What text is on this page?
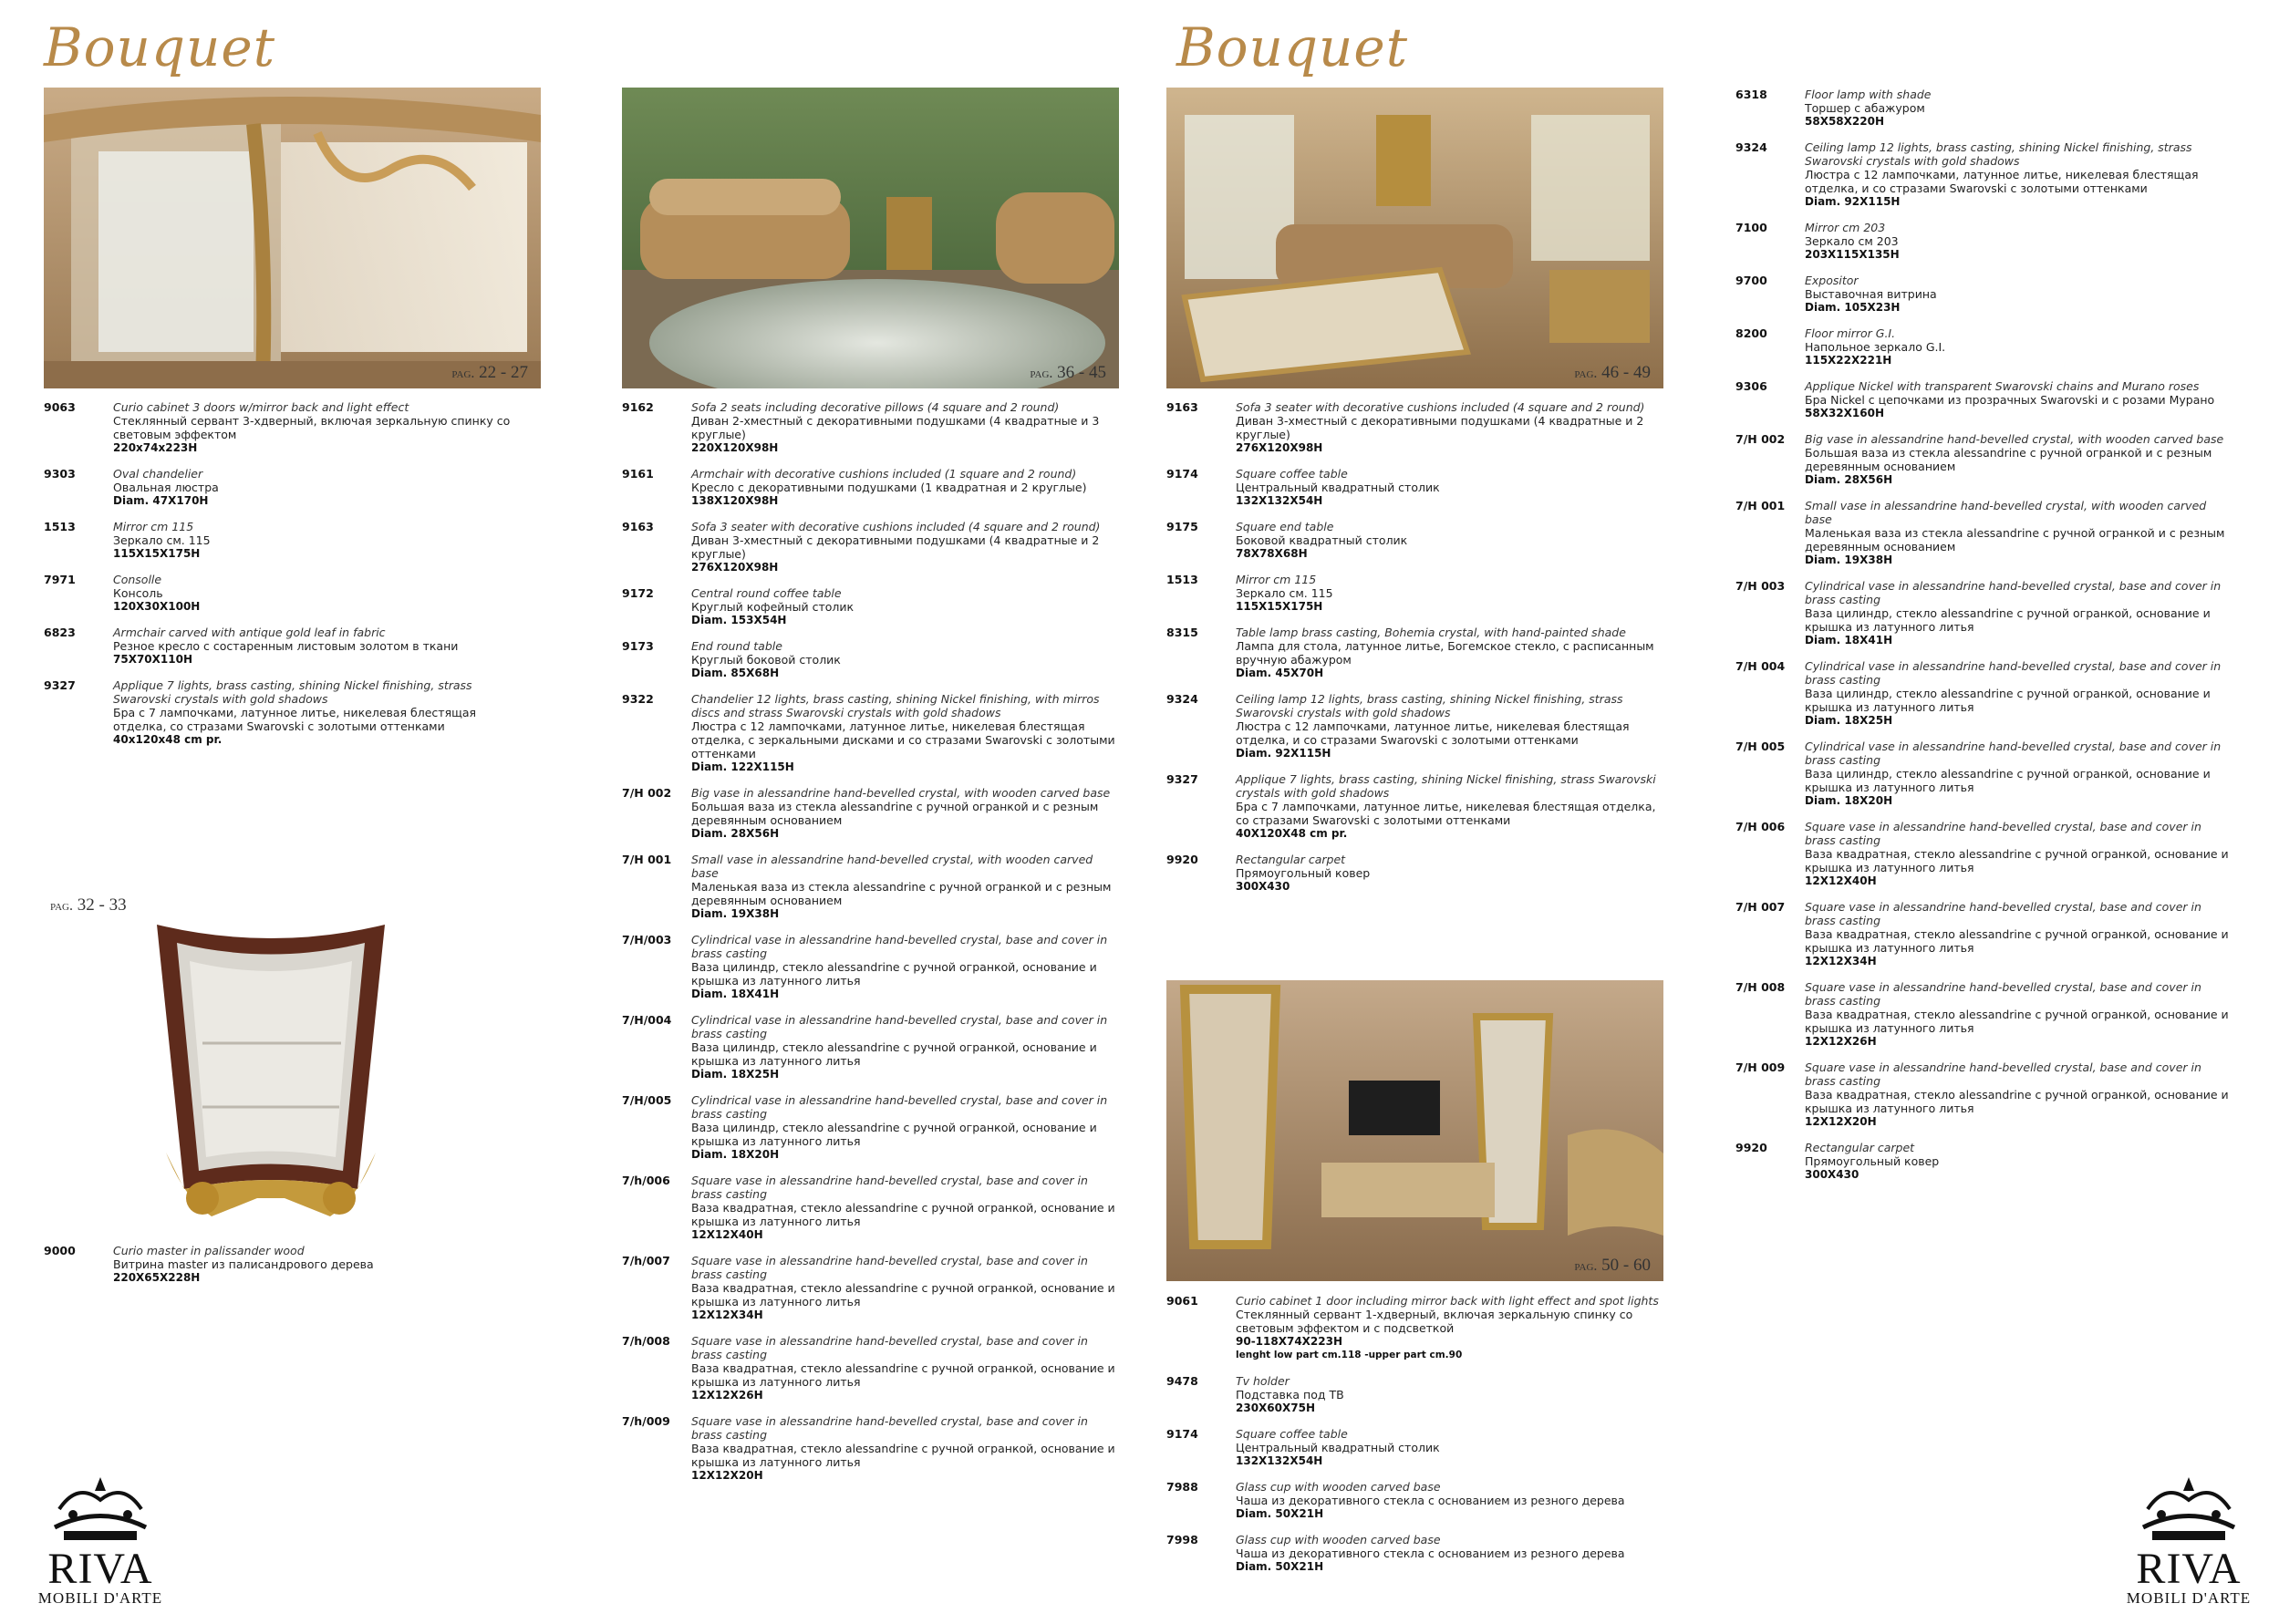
Bouquet	Bouquet
pag. 22 - 27	pag. 36 - 45	pag. 46 - 49
pag. 32 - 33
pag. 50 - 60
9063	Curio cabinet 3 doors w/mirror back and light effect
Стеклянный сервант 3-хдверный, включая зеркальную спинку со световым эффектом
220x74x223H
9303	Oval chandelier
Овальная люстра
Diam. 47X170H
1513	Mirror cm 115
Зеркало см. 115
115X15X175H
7971	Consolle
Консоль
120X30X100H
6823	Armchair carved with antique gold leaf in fabric
Резное кресло с состаренным листовым золотом в ткани
75X70X110H
9327	Applique 7 lights, brass casting, shining Nickel finishing, strass Swarovski crystals with gold shadows
Бра с 7 лампочками, латунное литье, никелевая блестящая отделка, со стразами Swarovski с золотыми оттенками
40x120x48 cm pr.
9000	Curio master in palissander wood
Витрина master из палисандрового дерева
220X65X228H
9162	Sofa 2 seats including decorative pillows (4 square and 2 round)
Диван 2-хместный с декоративными подушками (4 квадратные и 3 круглые)
220X120X98H
9161	Armchair with decorative cushions included (1 square and 2 round)
Кресло с декоративными подушками (1 квадратная и 2 круглые)
138X120X98H
9163	Sofa 3 seater with decorative cushions included (4 square and 2 round)
Диван 3-хместный с декоративными подушками (4 квадратные и 2 круглые)
276X120X98H
9172	Central round coffee table
Круглый кофейный столик
Diam. 153X54H
9173	End round table
Круглый боковой столик
Diam. 85X68H
9322	Chandelier 12 lights, brass casting, shining Nickel finishing, with mirros discs and strass Swarovski crystals with gold shadows
Люстра с 12 лампочками, латунное литье, никелевая блестящая отделка, с зеркальными дисками и со стразами Swarovski с золотыми оттенками
Diam. 122X115H
7/H 002	Big vase in alessandrine hand-bevelled crystal, with wooden carved base
Большая ваза из стекла alessandrine с ручной огранкой и с резным деревянным основанием
Diam. 28X56H
7/H 001	Small vase in alessandrine hand-bevelled crystal, with wooden carved base
Маленькая ваза из стекла alessandrine с ручной огранкой и с резным деревянным основанием
Diam. 19X38H
7/H/003	Cylindrical vase in alessandrine hand-bevelled crystal, base and cover in brass casting
Ваза цилиндр, стекло alessandrine с ручной огранкой, основание и крышка из латунного литья
Diam. 18X41H
7/H/004	Cylindrical vase in alessandrine hand-bevelled crystal, base and cover in brass casting
Ваза цилиндр, стекло alessandrine с ручной огранкой, основание и крышка из латунного литья
Diam. 18X25H
7/H/005	Cylindrical vase in alessandrine hand-bevelled crystal, base and cover in brass casting
Ваза цилиндр, стекло alessandrine с ручной огранкой, основание и крышка из латунного литья
Diam. 18X20H
7/h/006	Square vase in alessandrine hand-bevelled crystal, base and cover in brass casting
Ваза квадратная, стекло alessandrine с ручной огранкой, основание и крышка из латунного литья
12X12X40H
7/h/007	Square vase in alessandrine hand-bevelled crystal, base and cover in brass casting
Ваза квадратная, стекло alessandrine с ручной огранкой, основание и крышка из латунного литья
12X12X34H
7/h/008	Square vase in alessandrine hand-bevelled crystal, base and cover in brass casting
Ваза квадратная, стекло alessandrine с ручной огранкой, основание и крышка из латунного литья
12X12X26H
7/h/009	Square vase in alessandrine hand-bevelled crystal, base and cover in brass casting
Ваза квадратная, стекло alessandrine с ручной огранкой, основание и крышка из латунного литья
12X12X20H
9163	Sofa 3 seater with decorative cushions included (4 square and 2 round)
Диван 3-хместный с декоративными подушками (4 квадратные и 2 круглые)
276X120X98H
9174	Square coffee table
Центральный квадратный столик
132X132X54H
9175	Square end table
Боковой квадратный столик
78X78X68H
1513	Mirror cm 115
Зеркало см. 115
115X15X175H
8315	Table lamp brass casting, Bohemia crystal, with hand-painted shade
Лампа для стола, латунное литье, Богемское стекло, с расписанным вручную абажуром
Diam. 45X70H
9324	Ceiling lamp 12 lights, brass casting, shining Nickel finishing, strass Swarovski crystals with gold shadows
Люстра с 12 лампочками, латунное литье, никелевая блестящая отделка, и со стразами Swarovski с золотыми оттенками
Diam. 92X115H
9327	Applique 7 lights, brass casting, shining Nickel finishing, strass Swarovski crystals with gold shadows
Бра с 7 лампочками, латунное литье, никелевая блестящая отделка, со стразами Swarovski с золотыми оттенками
40X120X48 cm pr.
9920	Rectangular carpet
Прямоугольный ковер
300X430
9061	Curio cabinet 1 door including mirror back with light effect and spot lights
Стеклянный сервант 1-хдверный, включая зеркальную спинку со световым эффектом и с подсветкой
90-118X74X223H
lenght low part cm.118 -upper part cm.90
9478	Tv holder
Подставка под ТВ
230X60X75H
9174	Square coffee table
Центральный квадратный столик
132X132X54H
7988	Glass cup with wooden carved base
Чаша из декоративного стекла с основанием из резного дерева
Diam. 50X21H
7998	Glass cup with wooden carved base
Чаша из декоративного стекла с основанием из резного дерева
Diam. 50X21H
6318	Floor lamp with shade
Торшер с абажуром
58X58X220H
9324	Ceiling lamp 12 lights, brass casting, shining Nickel finishing, strass Swarovski crystals with gold shadows
Люстра с 12 лампочками, латунное литье, никелевая блестящая отделка, и со стразами Swarovski с золотыми оттенками
Diam. 92X115H
7100	Mirror cm 203
Зеркало см 203
203X115X135H
9700	Expositor
Выставочная витрина
Diam. 105X23H
8200	Floor mirror G.I.
Напольное зеркало G.I.
115X22X221H
9306	Applique Nickel with transparent Swarovski chains and Murano roses
Бра Nickel с цепочками из прозрачных Swarovski и с розами Мурано
58X32X160H
7/H 002	Big vase in alessandrine hand-bevelled crystal, with wooden carved base
Большая ваза из стекла alessandrine с ручной огранкой и с резным деревянным основанием
Diam. 28X56H
7/H 001	Small vase in alessandrine hand-bevelled crystal, with wooden carved base
Маленькая ваза из стекла alessandrine с ручной огранкой и с резным деревянным основанием
Diam. 19X38H
7/H 003	Cylindrical vase in alessandrine hand-bevelled crystal, base and cover in brass casting
Ваза цилиндр, стекло alessandrine с ручной огранкой, основание и крышка из латунного литья
Diam. 18X41H
7/H 004	Cylindrical vase in alessandrine hand-bevelled crystal, base and cover in brass casting
Ваза цилиндр, стекло alessandrine с ручной огранкой, основание и крышка из латунного литья
Diam. 18X25H
7/H 005	Cylindrical vase in alessandrine hand-bevelled crystal, base and cover in brass casting
Ваза цилиндр, стекло alessandrine с ручной огранкой, основание и крышка из латунного литья
Diam. 18X20H
7/H 006	Square vase in alessandrine hand-bevelled crystal, base and cover in brass casting
Ваза квадратная, стекло alessandrine с ручной огранкой, основание и крышка из латунного литья
12X12X40H
7/H 007	Square vase in alessandrine hand-bevelled crystal, base and cover in brass casting
Ваза квадратная, стекло alessandrine с ручной огранкой, основание и крышка из латунного литья
12X12X34H
7/H 008	Square vase in alessandrine hand-bevelled crystal, base and cover in brass casting
Ваза квадратная, стекло alessandrine с ручной огранкой, основание и крышка из латунного литья
12X12X26H
7/H 009	Square vase in alessandrine hand-bevelled crystal, base and cover in brass casting
Ваза квадратная, стекло alessandrine с ручной огранкой, основание и крышка из латунного литья
12X12X20H
9920	Rectangular carpet
Прямоугольный ковер
300X430
RIVA
MOBILI D'ARTE
RIVA
MOBILI D'ARTE
